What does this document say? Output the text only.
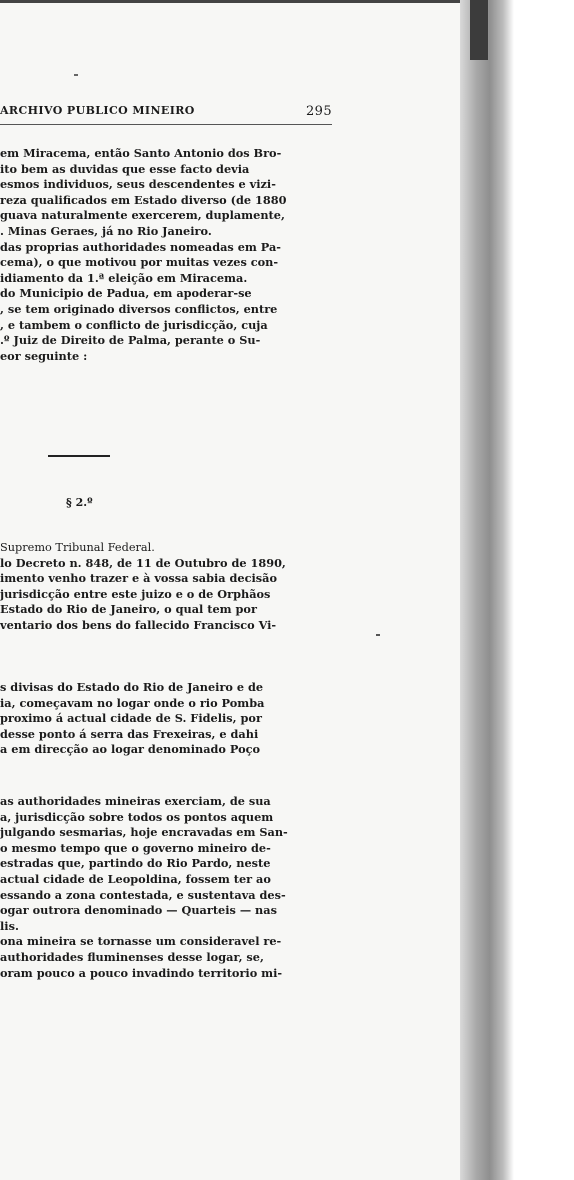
ARCHIVO PUBLICO MINEIRO	295
em Miracema, então Santo Antonio dos Bro-
ito bem as duvidas que esse facto devia
esmos individuos, seus descendentes e vizi-
reza qualificados em Estado diverso (de 1880
guava naturalmente exercerem, duplamente,
. Minas Geraes, já no Rio Janeiro.
das proprias authoridades nomeadas em Pa-
cema), o que motivou por muitas vezes con-
idiamento da 1.ª eleição em Miracema.
do Municipio de Padua, em apoderar-se
, se tem originado diversos conflictos, entre
, e tambem o conflicto de jurisdicção, cuja
.º Juiz de Direito de Palma, perante o Su-
eor seguinte :
§ 2.º
Supremo Tribunal Federal.
lo Decreto n. 848, de 11 de Outubro de 1890,
imento venho trazer e à vossa sabia decisão
jurisdicção entre este juizo e o de Orphãos
Estado do Rio de Janeiro, o qual tem por
ventario dos bens do fallecido Francisco Vi-
s divisas do Estado do Rio de Janeiro e de
ia, começavam no logar onde o rio Pomba
proximo á actual cidade de S. Fidelis, por
desse ponto á serra das Frexeiras, e dahi
a em direcção ao logar denominado Poço
as authoridades mineiras exerciam, de sua
a, jurisdicção sobre todos os pontos aquem
julgando sesmarias, hoje encravadas em San-
o mesmo tempo que o governo mineiro de-
estradas que, partindo do Rio Pardo, neste
actual cidade de Leopoldina, fossem ter ao
essando a zona contestada, e sustentava des-
ogar outrora denominado — Quarteis — nas
lis.
ona mineira se tornasse um consideravel re-
authoridades fluminenses desse logar, se,
oram pouco a pouco invadindo territorio mi-
